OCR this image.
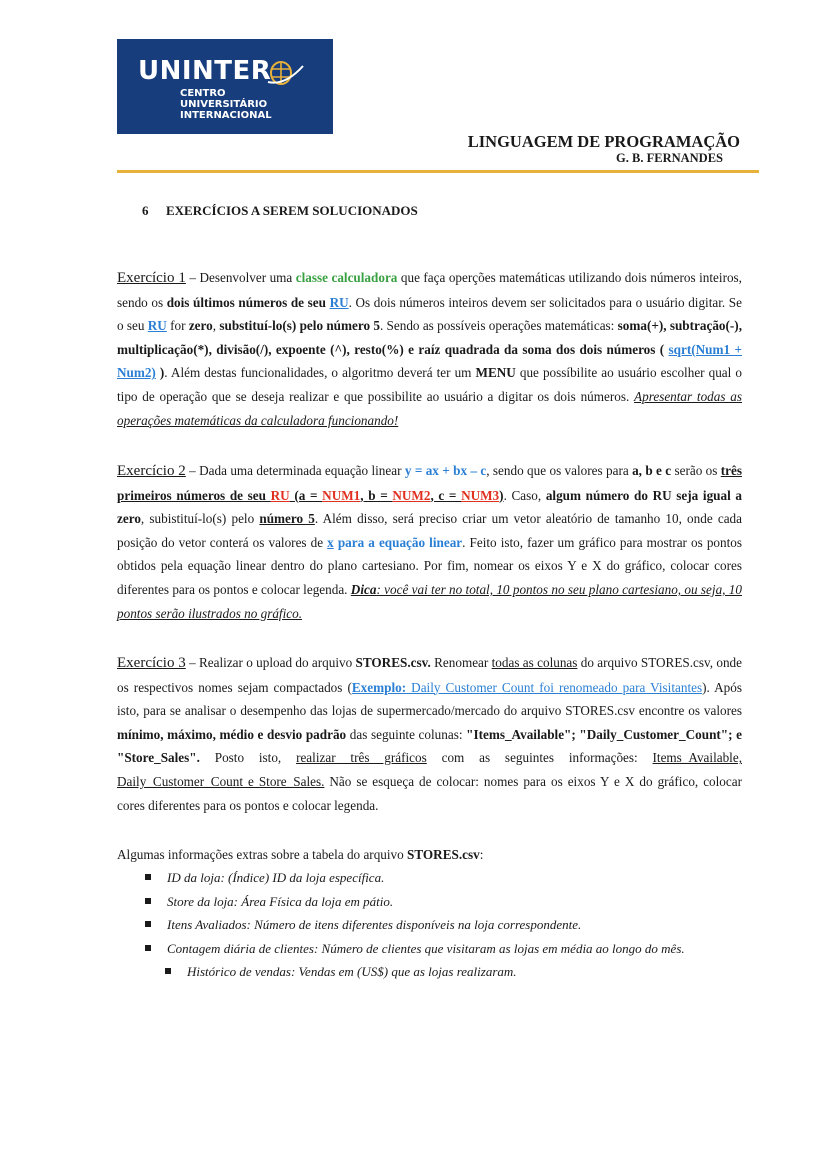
UNINTER
CENTRO
UNIVERSITÁRIO
INTERNACIONAL
LINGUAGEM DE PROGRAMAÇÃO
G. B. FERNANDES
6 EXERCÍCIOS A SEREM SOLUCIONADOS
Exercício 1 – Desenvolver uma classe calculadora que faça operções matemáticas utilizando dois números inteiros, sendo os dois últimos números de seu RU. Os dois números inteiros devem ser solicitados para o usuário digitar. Se o seu RU for zero, substituí-lo(s) pelo número 5. Sendo as possíveis operações matemáticas: soma(+), subtração(-), multiplicação(*), divisão(/), expoente (^), resto(%) e raíz quadrada da soma dos dois números ( sqrt(Num1 + Num2) ). Além destas funcionalidades, o algoritmo deverá ter um MENU que possíbilite ao usuário escolher qual o tipo de operação que se deseja realizar e que possibilite ao usuário a digitar os dois números. Apresentar todas as operações matemáticas da calculadora funcionando!
Exercício 2 – Dada uma determinada equação linear y = ax + bx – c, sendo que os valores para a, b e c serão os três primeiros números de seu RU (a = NUM1, b = NUM2, c = NUM3). Caso, algum número do RU seja igual a zero, subistituí-lo(s) pelo número 5. Além disso, será preciso criar um vetor aleatório de tamanho 10, onde cada posição do vetor conterá os valores de x para a equação linear. Feito isto, fazer um gráfico para mostrar os pontos obtidos pela equação linear dentro do plano cartesiano. Por fim, nomear os eixos Y e X do gráfico, colocar cores diferentes para os pontos e colocar legenda. Dica: você vai ter no total, 10 pontos no seu plano cartesiano, ou seja, 10 pontos serão ilustrados no gráfico.
Exercício 3 – Realizar o upload do arquivo STORES.csv. Renomear todas as colunas do arquivo STORES.csv, onde os respectivos nomes sejam compactados (Exemplo: Daily Customer Count foi renomeado para Visitantes). Após isto, para se analisar o desempenho das lojas de supermercado/mercado do arquivo STORES.csv encontre os valores mínimo, máximo, médio e desvio padrão das seguinte colunas: "Items_Available"; "Daily_Customer_Count"; e "Store_Sales". Posto isto, realizar três gráficos com as seguintes informações: Items_Available, Daily_Customer_Count e Store_Sales. Não se esqueça de colocar: nomes para os eixos Y e X do gráfico, colocar cores diferentes para os pontos e colocar legenda.
Algumas informações extras sobre a tabela do arquivo STORES.csv:
ID da loja: (Índice) ID da loja específica.
Store da loja: Área Física da loja em pátio.
Itens Avaliados: Número de itens diferentes disponíveis na loja correspondente.
Contagem diária de clientes: Número de clientes que visitaram as lojas em média ao longo do mês.
Histórico de vendas: Vendas em (US$) que as lojas realizaram.
